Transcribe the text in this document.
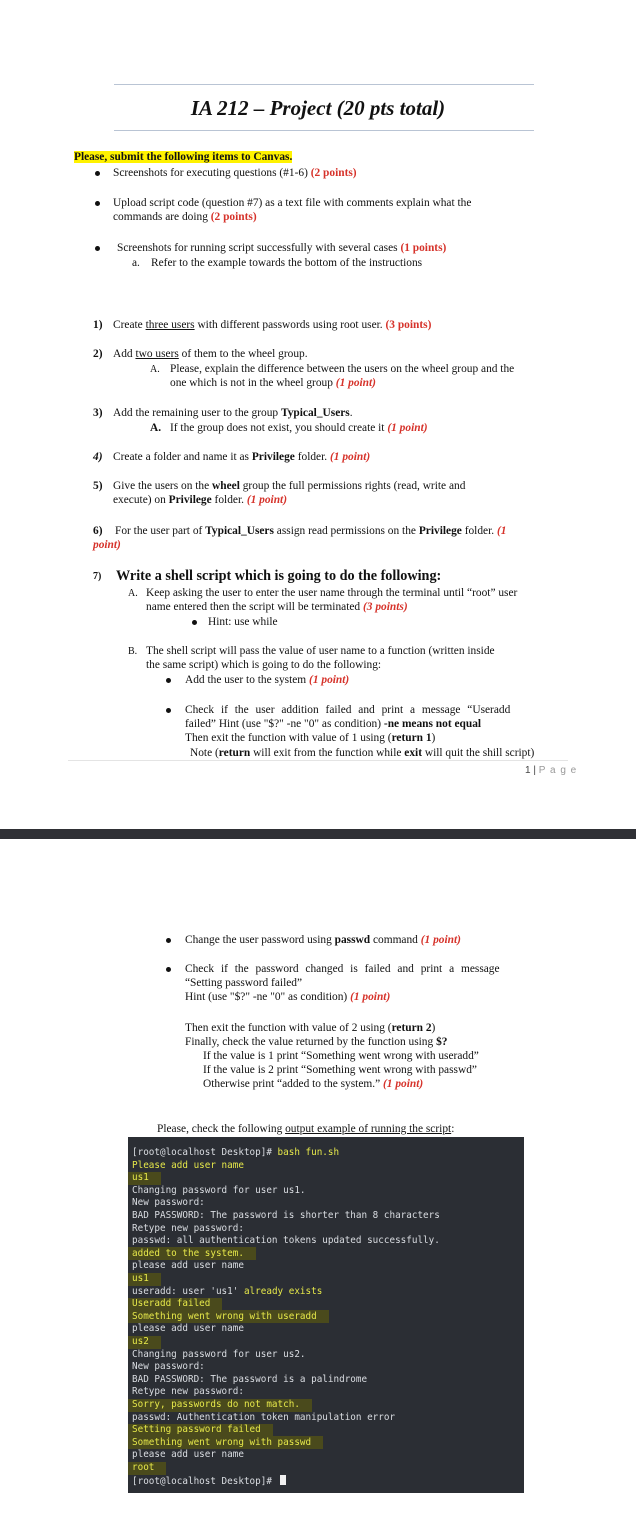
IA 212 – Project (20 pts total)
Please, submit the following items to Canvas.
Screenshots for executing questions (#1-6) (2 points)
Upload script code (question #7) as a text file with comments explain what the
commands are doing (2 points)
Screenshots for running script successfully with several cases (1 points)
a. Refer to the example towards the bottom of the instructions
1) Create three users with different passwords using root user. (3 points)
2) Add two users of them to the wheel group.
A. Please, explain the difference between the users on the wheel group and the
one which is not in the wheel group (1 point)
3) Add the remaining user to the group Typical_Users.
A. If the group does not exist, you should create it (1 point)
4) Create a folder and name it as Privilege folder. (1 point)
5) Give the users on the wheel group the full permissions rights (read, write and
execute) on Privilege folder. (1 point)
6) For the user part of Typical_Users assign read permissions on the Privilege folder. (1
point)
7) Write a shell script which is going to do the following:
A. Keep asking the user to enter the user name through the terminal until “root” user
name entered then the script will be terminated (3 points)
Hint: use while
B. The shell script will pass the value of user name to a function (written inside
the same script) which is going to do the following:
Add the user to the system (1 point)
Check if the user addition failed and print a message “Useradd
failed” Hint (use "$?" -ne "0" as condition) -ne means not equal
Then exit the function with value of 1 using (return 1)
Note (return will exit from the function while exit will quit the shill script)
1 | P a g e
Change the user password using passwd command (1 point)
Check if the password changed is failed and print a message
“Setting password failed”
Hint (use "$?" -ne "0" as condition) (1 point)
Then exit the function with value of 2 using (return 2)
Finally, check the value returned by the function using $?
If the value is 1 print “Something went wrong with useradd”
If the value is 2 print “Something went wrong with passwd”
Otherwise print “added to the system.” (1 point)
Please, check the following output example of running the script:
[root@localhost Desktop]# bash fun.sh
Please add user name
us1
Changing password for user us1.
New password:
BAD PASSWORD: The password is shorter than 8 characters
Retype new password:
passwd: all authentication tokens updated successfully.
added to the system.
please add user name
us1
useradd: user 'us1' already exists
Useradd failed
Something went wrong with useradd
please add user name
us2
Changing password for user us2.
New password:
BAD PASSWORD: The password is a palindrome
Retype new password:
Sorry, passwords do not match.
passwd: Authentication token manipulation error
Setting password failed
Something went wrong with passwd
please add user name
root
[root@localhost Desktop]#
